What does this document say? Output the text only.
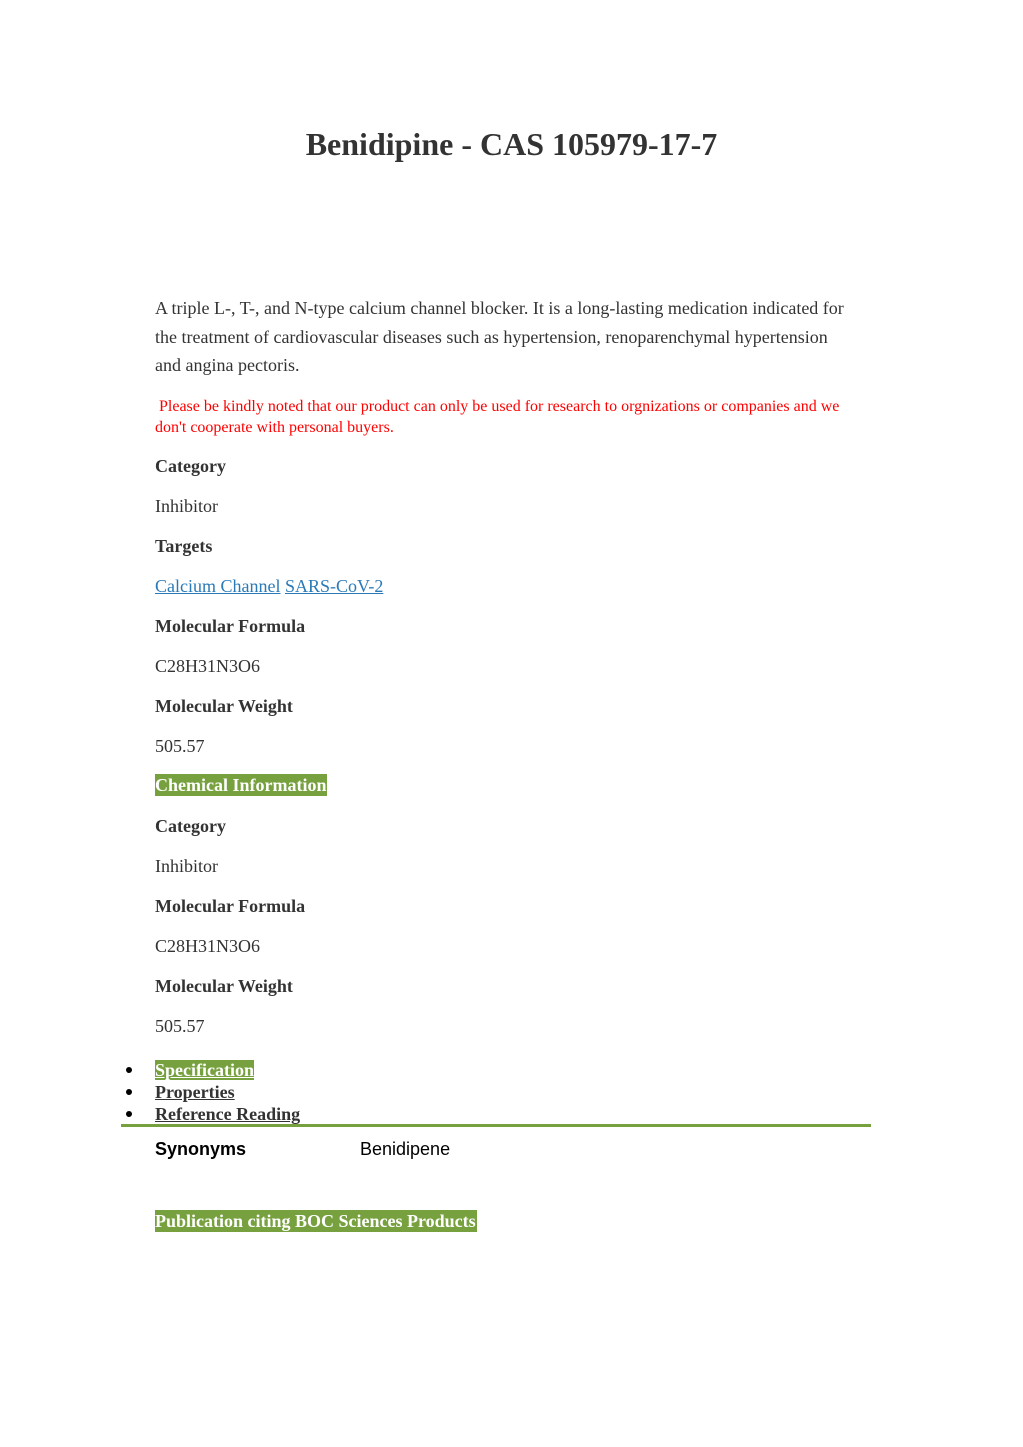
Benidipine - CAS 105979-17-7

A triple L-, T-, and N-type calcium channel blocker. It is a long-lasting medication indicated for the treatment of cardiovascular diseases such as hypertension, renoparenchymal hypertension and angina pectoris.

Please be kindly noted that our product can only be used for research to orgnizations or companies and we don't cooperate with personal buyers.

Category

Inhibitor

Targets

Calcium Channel SARS-CoV-2

Molecular Formula

C28H31N3O6

Molecular Weight

505.57

Chemical Information

Category

Inhibitor

Molecular Formula

C28H31N3O6

Molecular Weight

505.57

Specification
Properties
Reference Reading
Synonyms	Benidipene
Publication citing BOC Sciences Products
